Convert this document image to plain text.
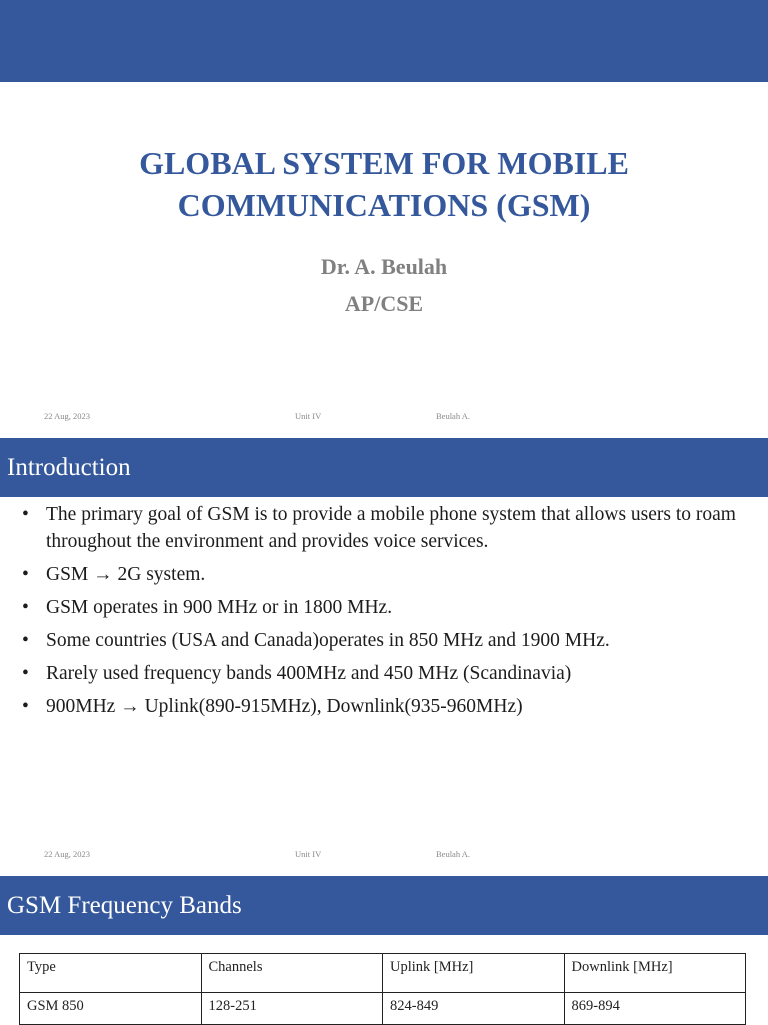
GLOBAL SYSTEM FOR MOBILE
COMMUNICATIONS (GSM)
Dr. A. Beulah
AP/CSE
22 Aug, 2023	Unit IV	Beulah A.
Introduction
• The primary goal of GSM is to provide a mobile phone system that allows users to roam throughout the environment and provides voice services.
• GSM → 2G system.
• GSM operates in 900 MHz or in 1800 MHz.
• Some countries (USA and Canada)operates in 850 MHz and 1900 MHz.
• Rarely used frequency bands 400MHz and 450 MHz (Scandinavia)
• 900MHz → Uplink(890-915MHz), Downlink(935-960MHz)
22 Aug, 2023	Unit IV	Beulah A.
GSM Frequency Bands
Type	Channels	Uplink [MHz]	Downlink [MHz]
GSM 850	128-251	824-849	869-894
